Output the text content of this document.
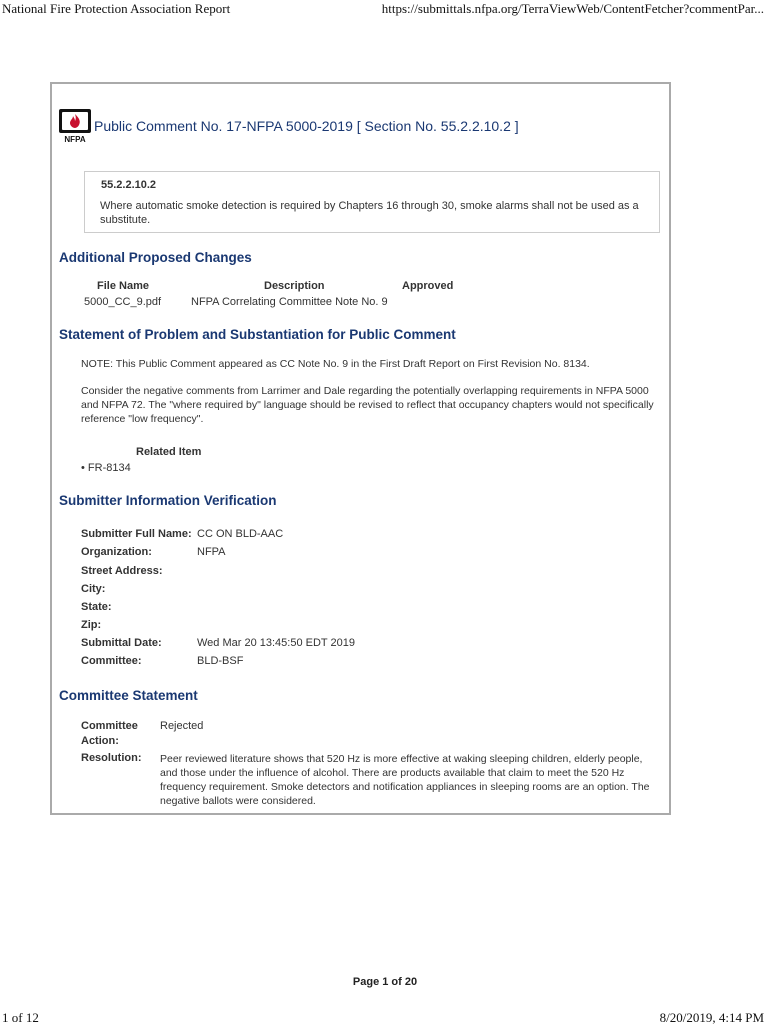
National Fire Protection Association Report	https://submittals.nfpa.org/TerraViewWeb/ContentFetcher?commentPar...
1 of 12	8/20/2019, 4:14 PM
NFPA
Public Comment No. 17-NFPA 5000-2019 [ Section No. 55.2.2.10.2 ]
55.2.2.10.2
Where automatic smoke detection is required by Chapters 16 through 30, smoke alarms shall not be used as a substitute.
Additional Proposed Changes
File Name	Description	Approved
5000_CC_9.pdf	NFPA Correlating Committee Note No. 9
Statement of Problem and Substantiation for Public Comment
NOTE: This Public Comment appeared as CC Note No. 9 in the First Draft Report on First Revision No. 8134.
Consider the negative comments from Larrimer and Dale regarding the potentially overlapping requirements in NFPA 5000 and NFPA 72. The "where required by" language should be revised to reflect that occupancy chapters would not specifically reference "low frequency".
Related Item
• FR-8134
Submitter Information Verification
Submitter Full Name: CC ON BLD-AAC
Organization:	NFPA
Street Address:
City:
State:
Zip:
Submittal Date:	Wed Mar 20 13:45:50 EDT 2019
Committee:	BLD-BSF
Committee Statement
Committee
Action:
Rejected
Resolution: Peer reviewed literature shows that 520 Hz is more effective at waking sleeping children, elderly people, and those under the influence of alcohol. There are products available that claim to meet the 520 Hz frequency requirement. Smoke detectors and notification appliances in sleeping rooms are an option. The negative ballots were considered.
Page 1 of 20
